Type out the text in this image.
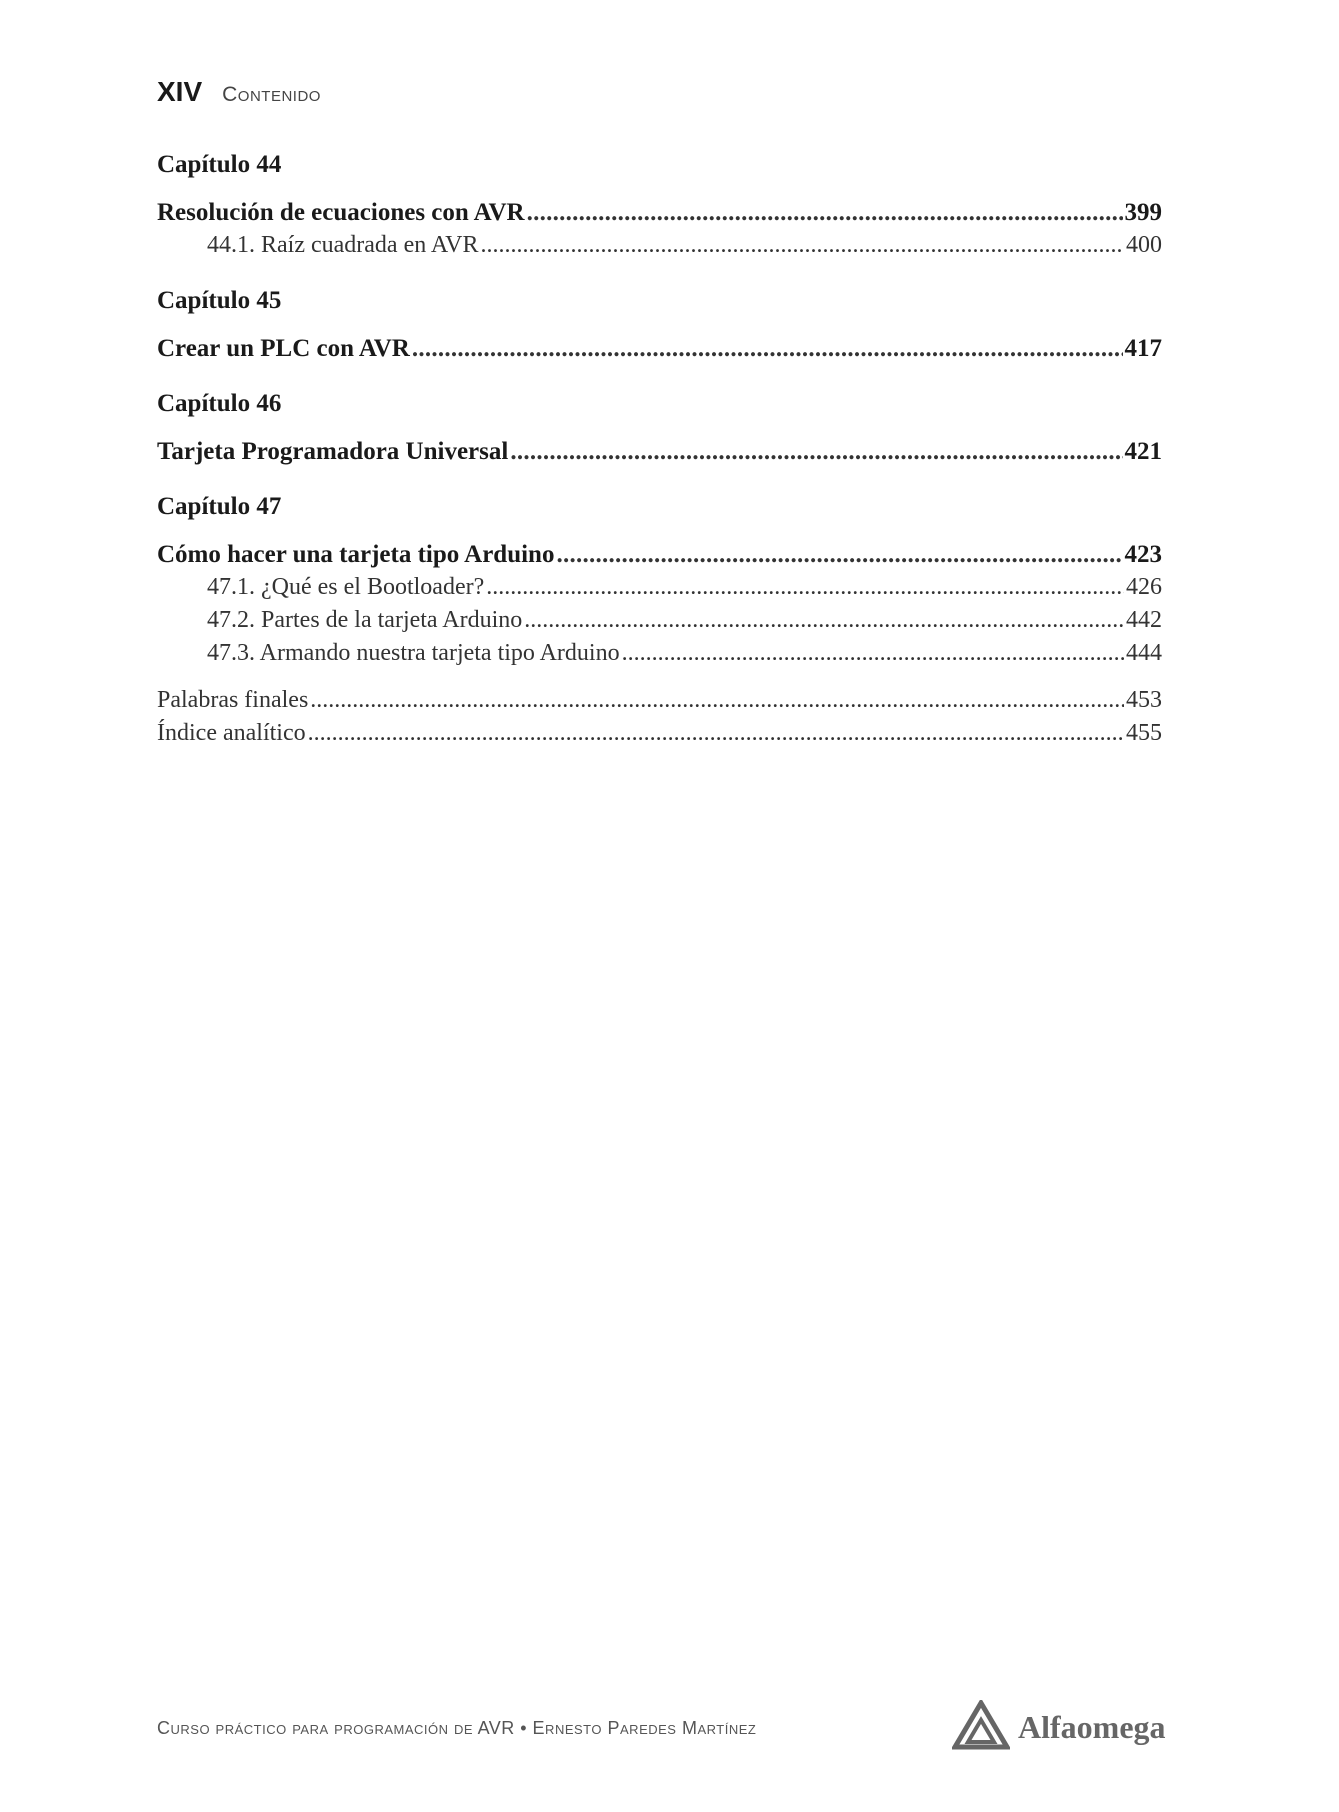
XIV Contenido

Capítulo 44

Resolución de ecuaciones con AVR . . .	399
44.1. Raíz cuadrada en AVR . . .	400

Capítulo 45

Crear un PLC con AVR . . .	417

Capítulo 46

Tarjeta Programadora Universal . . .	421

Capítulo 47

Cómo hacer una tarjeta tipo Arduino . . .	423
47.1. ¿Qué es el Bootloader? . . .	426
47.2. Partes de la tarjeta Arduino . . .	442
47.3. Armando nuestra tarjeta tipo Arduino . . .	444
Palabras finales . . .	453
Índice analítico . . .	455
Curso práctico para programación de AVR • Ernesto Paredes Martínez	Alfaomega
